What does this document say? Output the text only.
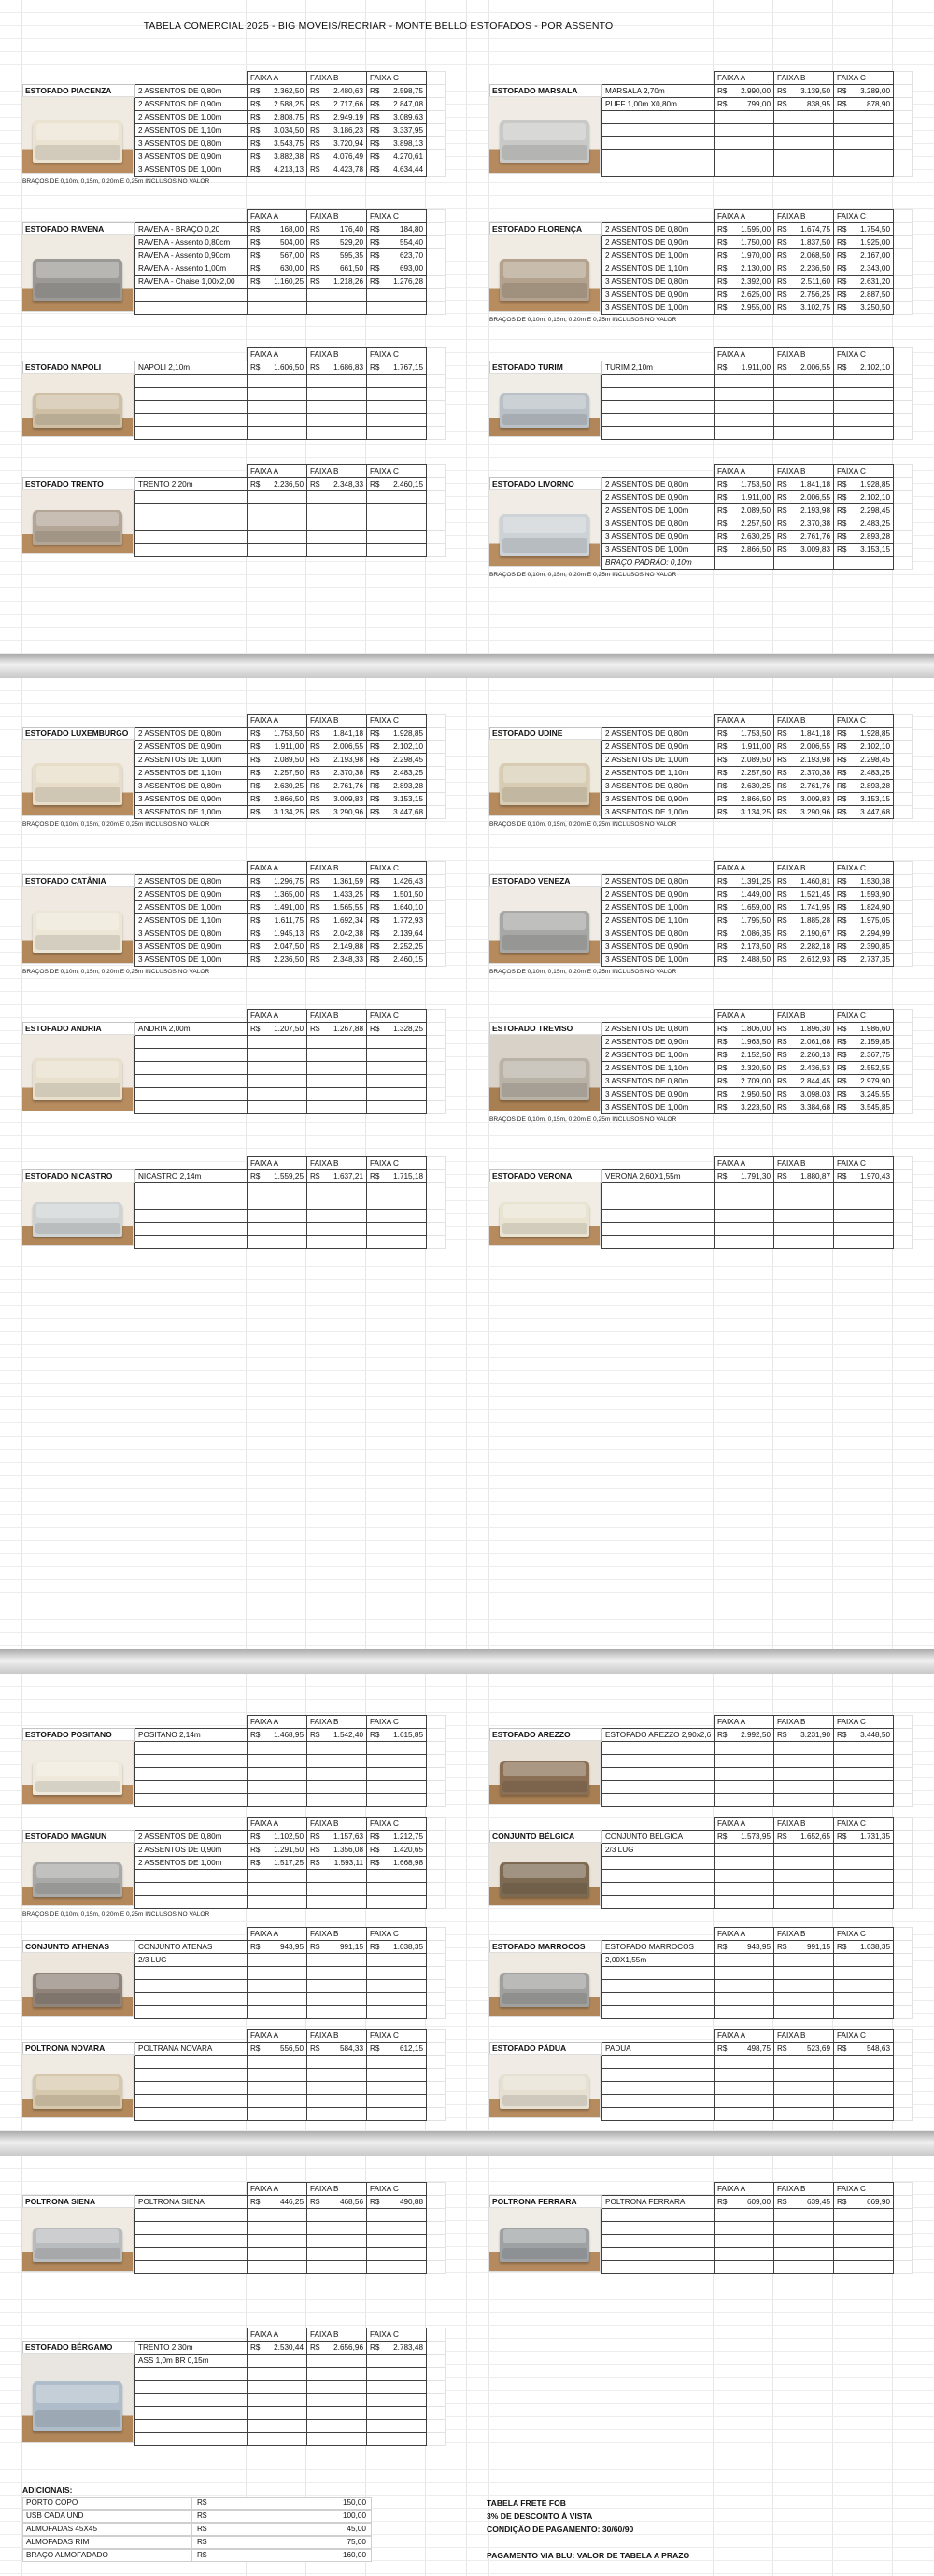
TABELA COMERCIAL 2025 - BIG MOVEIS/RECRIAR - MONTE BELLO ESTOFADOS - POR ASSENTO
		FAIXA A	FAIXA B	FAIXA C	
ESTOFADO PIACENZA	2 ASSENTOS DE 0,80m	R$ 2.362,50	R$ 2.480,63	R$ 2.598,75	

	2 ASSENTOS DE 0,90m	R$ 2.588,25	R$ 2.717,66	R$ 2.847,08	

	2 ASSENTOS DE 1,00m	R$ 2.808,75	R$ 2.949,19	R$ 3.089,63	

	2 ASSENTOS DE 1,10m	R$ 3.034,50	R$ 3.186,23	R$ 3.337,95	

	3 ASSENTOS DE 0,80m	R$ 3.543,75	R$ 3.720,94	R$ 3.898,13	

	3 ASSENTOS DE 0,90m	R$ 3.882,38	R$ 4.076,49	R$ 4.270,61	

	3 ASSENTOS DE 1,00m	R$ 4.213,13	R$ 4.423,78	R$ 4.634,44	

BRAÇOS DE 0,10m, 0,15m, 0,20m E 0,25m INCLUSOS NO VALOR
		FAIXA A	FAIXA B	FAIXA C	
ESTOFADO MARSALA	MARSALA 2,70m	R$ 2.990,00	R$ 3.139,50	R$ 3.289,00	

	PUFF 1,00m X0,80m	R$ 799,00	R$ 838,95	R$ 878,90	

		FAIXA A	FAIXA B	FAIXA C	
ESTOFADO RAVENA	RAVENA - BRAÇO 0,20	R$ 168,00	R$ 176,40	R$ 184,80	

	RAVENA - Assento 0,80cm	R$ 504,00	R$ 529,20	R$ 554,40	

	RAVENA - Assento 0,90cm	R$ 567,00	R$ 595,35	R$ 623,70	

	RAVENA - Assento 1,00m	R$ 630,00	R$ 661,50	R$ 693,00	

	RAVENA - Chaise 1,00x2,00	R$ 1.160,25	R$ 1.218,26	R$ 1.276,28	

		FAIXA A	FAIXA B	FAIXA C	
ESTOFADO FLORENÇA	2 ASSENTOS DE 0,80m	R$ 1.595,00	R$ 1.674,75	R$ 1.754,50	

	2 ASSENTOS DE 0,90m	R$ 1.750,00	R$ 1.837,50	R$ 1.925,00	

	2 ASSENTOS DE 1,00m	R$ 1.970,00	R$ 2.068,50	R$ 2.167,00	

	2 ASSENTOS DE 1,10m	R$ 2.130,00	R$ 2.236,50	R$ 2.343,00	

	3 ASSENTOS DE 0,80m	R$ 2.392,00	R$ 2.511,60	R$ 2.631,20	

	3 ASSENTOS DE 0,90m	R$ 2.625,00	R$ 2.756,25	R$ 2.887,50	

	3 ASSENTOS DE 1,00m	R$ 2.955,00	R$ 3.102,75	R$ 3.250,50	

BRAÇOS DE 0,10m, 0,15m, 0,20m E 0,25m INCLUSOS NO VALOR
		FAIXA A	FAIXA B	FAIXA C	
ESTOFADO NAPOLI	NAPOLI 2,10m	R$ 1.606,50	R$ 1.686,83	R$ 1.767,15	

		FAIXA A	FAIXA B	FAIXA C	
ESTOFADO TURIM	TURIM 2,10m	R$ 1.911,00	R$ 2.006,55	R$ 2.102,10	

		FAIXA A	FAIXA B	FAIXA C	
ESTOFADO TRENTO	TRENTO 2,20m	R$ 2.236,50	R$ 2.348,33	R$ 2.460,15	

		FAIXA A	FAIXA B	FAIXA C	
ESTOFADO LIVORNO	2 ASSENTOS DE 0,80m	R$ 1.753,50	R$ 1.841,18	R$ 1.928,85	

	2 ASSENTOS DE 0,90m	R$ 1.911,00	R$ 2.006,55	R$ 2.102,10	

	2 ASSENTOS DE 1,00m	R$ 2.089,50	R$ 2.193,98	R$ 2.298,45	

	3 ASSENTOS DE 0,80m	R$ 2.257,50	R$ 2.370,38	R$ 2.483,25	

	3 ASSENTOS DE 0,90m	R$ 2.630,25	R$ 2.761,76	R$ 2.893,28	

	3 ASSENTOS DE 1,00m	R$ 2.866,50	R$ 3.009,83	R$ 3.153,15	

	BRAÇO PADRÃO: 0,10m				
BRAÇOS DE 0,10m, 0,15m, 0,20m E 0,25m INCLUSOS NO VALOR
		FAIXA A	FAIXA B	FAIXA C	
ESTOFADO LUXEMBURGO	2 ASSENTOS DE 0,80m	R$ 1.753,50	R$ 1.841,18	R$ 1.928,85	

	2 ASSENTOS DE 0,90m	R$ 1.911,00	R$ 2.006,55	R$ 2.102,10	

	2 ASSENTOS DE 1,00m	R$ 2.089,50	R$ 2.193,98	R$ 2.298,45	

	2 ASSENTOS DE 1,10m	R$ 2.257,50	R$ 2.370,38	R$ 2.483,25	

	3 ASSENTOS DE 0,80m	R$ 2.630,25	R$ 2.761,76	R$ 2.893,28	

	3 ASSENTOS DE 0,90m	R$ 2.866,50	R$ 3.009,83	R$ 3.153,15	

	3 ASSENTOS DE 1,00m	R$ 3.134,25	R$ 3.290,96	R$ 3.447,68	

BRAÇOS DE 0,10m, 0,15m, 0,20m E 0,25m INCLUSOS NO VALOR
		FAIXA A	FAIXA B	FAIXA C	
ESTOFADO UDINE	2 ASSENTOS DE 0,80m	R$ 1.753,50	R$ 1.841,18	R$ 1.928,85	

	2 ASSENTOS DE 0,90m	R$ 1.911,00	R$ 2.006,55	R$ 2.102,10	

	2 ASSENTOS DE 1,00m	R$ 2.089,50	R$ 2.193,98	R$ 2.298,45	

	2 ASSENTOS DE 1,10m	R$ 2.257,50	R$ 2.370,38	R$ 2.483,25	

	3 ASSENTOS DE 0,80m	R$ 2.630,25	R$ 2.761,76	R$ 2.893,28	

	3 ASSENTOS DE 0,90m	R$ 2.866,50	R$ 3.009,83	R$ 3.153,15	

	3 ASSENTOS DE 1,00m	R$ 3.134,25	R$ 3.290,96	R$ 3.447,68	

BRAÇOS DE 0,10m, 0,15m, 0,20m E 0,25m INCLUSOS NO VALOR
		FAIXA A	FAIXA B	FAIXA C	
ESTOFADO CATÂNIA	2 ASSENTOS DE 0,80m	R$ 1.296,75	R$ 1.361,59	R$ 1.426,43	

	2 ASSENTOS DE 0,90m	R$ 1.365,00	R$ 1.433,25	R$ 1.501,50	

	2 ASSENTOS DE 1,00m	R$ 1.491,00	R$ 1.565,55	R$ 1.640,10	

	2 ASSENTOS DE 1,10m	R$ 1.611,75	R$ 1.692,34	R$ 1.772,93	

	3 ASSENTOS DE 0,80m	R$ 1.945,13	R$ 2.042,38	R$ 2.139,64	

	3 ASSENTOS DE 0,90m	R$ 2.047,50	R$ 2.149,88	R$ 2.252,25	

	3 ASSENTOS DE 1,00m	R$ 2.236,50	R$ 2.348,33	R$ 2.460,15	

BRAÇOS DE 0,10m, 0,15m, 0,20m E 0,25m INCLUSOS NO VALOR
		FAIXA A	FAIXA B	FAIXA C	
ESTOFADO VENEZA	2 ASSENTOS DE 0,80m	R$ 1.391,25	R$ 1.460,81	R$ 1.530,38	

	2 ASSENTOS DE 0,90m	R$ 1.449,00	R$ 1.521,45	R$ 1.593,90	

	2 ASSENTOS DE 1,00m	R$ 1.659,00	R$ 1.741,95	R$ 1.824,90	

	2 ASSENTOS DE 1,10m	R$ 1.795,50	R$ 1.885,28	R$ 1.975,05	

	3 ASSENTOS DE 0,80m	R$ 2.086,35	R$ 2.190,67	R$ 2.294,99	

	3 ASSENTOS DE 0,90m	R$ 2.173,50	R$ 2.282,18	R$ 2.390,85	

	3 ASSENTOS DE 1,00m	R$ 2.488,50	R$ 2.612,93	R$ 2.737,35	

BRAÇOS DE 0,10m, 0,15m, 0,20m E 0,25m INCLUSOS NO VALOR
		FAIXA A	FAIXA B	FAIXA C	
ESTOFADO ANDRIA	ANDRIA 2,00m	R$ 1.207,50	R$ 1.267,88	R$ 1.328,25	

		FAIXA A	FAIXA B	FAIXA C	
ESTOFADO TREVISO	2 ASSENTOS DE 0,80m	R$ 1.806,00	R$ 1.896,30	R$ 1.986,60	

	2 ASSENTOS DE 0,90m	R$ 1.963,50	R$ 2.061,68	R$ 2.159,85	

	2 ASSENTOS DE 1,00m	R$ 2.152,50	R$ 2.260,13	R$ 2.367,75	

	2 ASSENTOS DE 1,10m	R$ 2.320,50	R$ 2.436,53	R$ 2.552,55	

	3 ASSENTOS DE 0,80m	R$ 2.709,00	R$ 2.844,45	R$ 2.979,90	

	3 ASSENTOS DE 0,90m	R$ 2.950,50	R$ 3.098,03	R$ 3.245,55	

	3 ASSENTOS DE 1,00m	R$ 3.223,50	R$ 3.384,68	R$ 3.545,85	

BRAÇOS DE 0,10m, 0,15m, 0,20m E 0,25m INCLUSOS NO VALOR
		FAIXA A	FAIXA B	FAIXA C	
ESTOFADO NICASTRO	NICASTRO 2,14m	R$ 1.559,25	R$ 1.637,21	R$ 1.715,18	

		FAIXA A	FAIXA B	FAIXA C	
ESTOFADO VERONA	VERONA 2,60X1,55m	R$ 1.791,30	R$ 1.880,87	R$ 1.970,43	

		FAIXA A	FAIXA B	FAIXA C	
ESTOFADO POSITANO	POSITANO 2,14m	R$ 1.468,95	R$ 1.542,40	R$ 1.615,85	

		FAIXA A	FAIXA B	FAIXA C	
ESTOFADO AREZZO	ESTOFADO AREZZO 2,90x2,6	R$ 2.992,50	R$ 3.231,90	R$ 3.448,50	

		FAIXA A	FAIXA B	FAIXA C	
ESTOFADO MAGNUN	2 ASSENTOS DE 0,80m	R$ 1.102,50	R$ 1.157,63	R$ 1.212,75	

	2 ASSENTOS DE 0,90m	R$ 1.291,50	R$ 1.356,08	R$ 1.420,65	

	2 ASSENTOS DE 1,00m	R$ 1.517,25	R$ 1.593,11	R$ 1.668,98	

BRAÇOS DE 0,10m, 0,15m, 0,20m E 0,25m INCLUSOS NO VALOR
		FAIXA A	FAIXA B	FAIXA C	
CONJUNTO BÉLGICA	CONJUNTO BÉLGICA	R$ 1.573,95	R$ 1.652,65	R$ 1.731,35	

	2/3 LUG				

		FAIXA A	FAIXA B	FAIXA C	
CONJUNTO ATHENAS	CONJUNTO ATENAS	R$ 943,95	R$ 991,15	R$ 1.038,35	

	2/3 LUG				

		FAIXA A	FAIXA B	FAIXA C	
ESTOFADO MARROCOS	ESTOFADO MARROCOS	R$ 943,95	R$ 991,15	R$ 1.038,35	

	2,00X1,55m				

		FAIXA A	FAIXA B	FAIXA C	
POLTRONA NOVARA	POLTRANA NOVARA	R$ 556,50	R$ 584,33	R$ 612,15	

		FAIXA A	FAIXA B	FAIXA C	
ESTOFADO PÁDUA	PADUA	R$ 498,75	R$ 523,69	R$ 548,63	

		FAIXA A	FAIXA B	FAIXA C	
POLTRONA SIENA	POLTRONA SIENA	R$ 446,25	R$ 468,56	R$ 490,88	

		FAIXA A	FAIXA B	FAIXA C	
POLTRONA FERRARA	POLTRONA FERRARA	R$ 609,00	R$ 639,45	R$ 669,90	

		FAIXA A	FAIXA B	FAIXA C	
ESTOFADO BÉRGAMO	TRENTO 2,30m	R$ 2.530,44	R$ 2.656,96	R$ 2.783,48	

	ASS 1,0m BR 0,15m				

ADICIONAIS:
PORTO COPO	R$	150,00
USB CADA UND	R$	100,00
ALMOFADAS 45X45	R$	45,00
ALMOFADAS RIM	R$	75,00
BRAÇO ALMOFADADO	R$	160,00
TABELA FRETE FOB
3% DE DESCONTO À VISTA
CONDIÇÃO DE PAGAMENTO: 30/60/90

PAGAMENTO VIA BLU: VALOR DE TABELA A PRAZO
